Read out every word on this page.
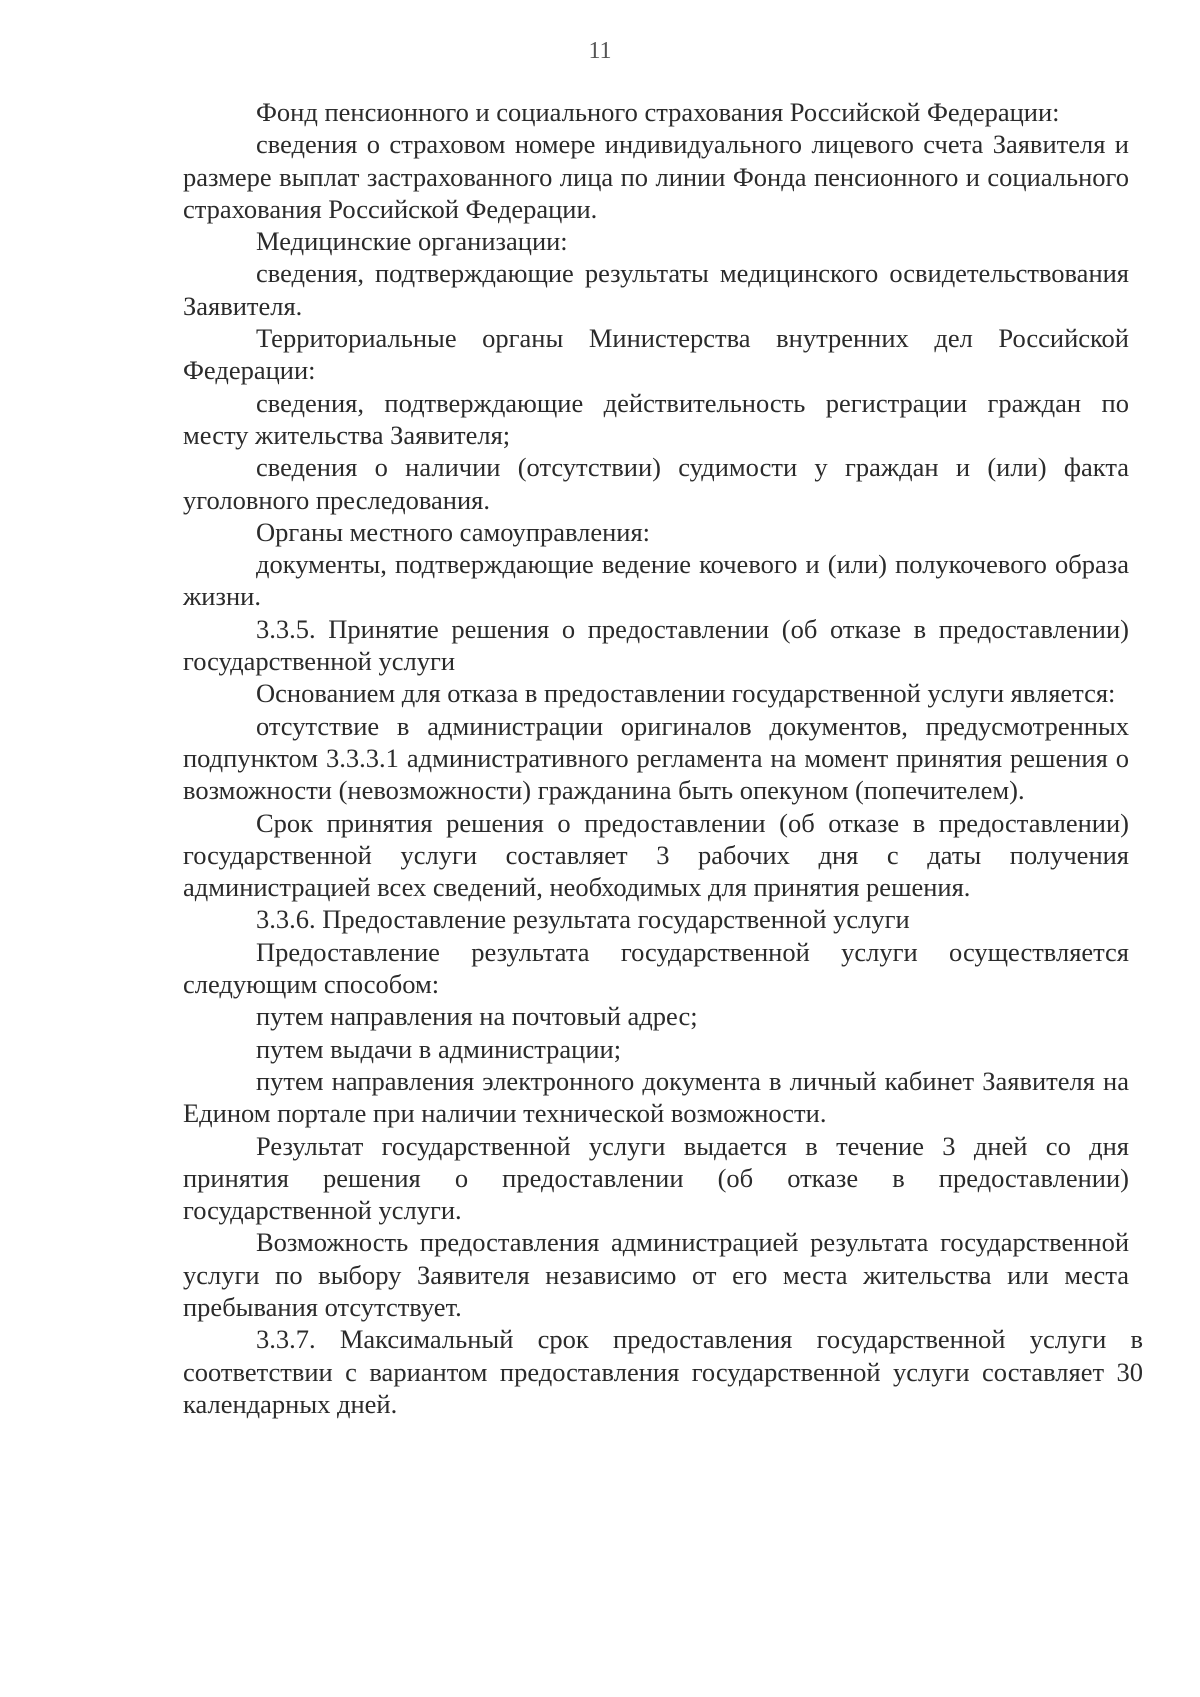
11

Фонд пенсионного и социального страхования Российской Федерации:

сведения о страховом номере индивидуального лицевого счета Заявителя и размере выплат застрахованного лица по линии Фонда пенсионного и социального страхования Российской Федерации.

Медицинские организации:

сведения, подтверждающие результаты медицинского освидетельствования Заявителя.

Территориальные органы Министерства внутренних дел Российской Федерации:

сведения, подтверждающие действительность регистрации граждан по месту жительства Заявителя;

сведения о наличии (отсутствии) судимости у граждан и (или) факта уголовного преследования.

Органы местного самоуправления:

документы, подтверждающие ведение кочевого и (или) полукочевого образа жизни.

3.3.5. Принятие решения о предоставлении (об отказе в предоставлении) государственной услуги

Основанием для отказа в предоставлении государственной услуги является:

отсутствие в администрации оригиналов документов, предусмотренных подпунктом 3.3.3.1 административного регламента на момент принятия решения о возможности (невозможности) гражданина быть опекуном (попечителем).

Срок принятия решения о предоставлении (об отказе в предоставлении) государственной услуги составляет 3 рабочих дня с даты получения администрацией всех сведений, необходимых для принятия решения.

3.3.6. Предоставление результата государственной услуги

Предоставление результата государственной услуги осуществляется следующим способом:

путем направления на почтовый адрес;

путем выдачи в администрации;

путем направления электронного документа в личный кабинет Заявителя на Едином портале при наличии технической возможности.

Результат государственной услуги выдается в течение 3 дней со дня принятия решения о предоставлении (об отказе в предоставлении) государственной услуги.

Возможность предоставления администрацией результата государственной услуги по выбору Заявителя независимо от его места жительства или места пребывания отсутствует.

3.3.7. Максимальный срок предоставления государственной услуги в соответствии с вариантом предоставления государственной услуги составляет 30 календарных дней.
